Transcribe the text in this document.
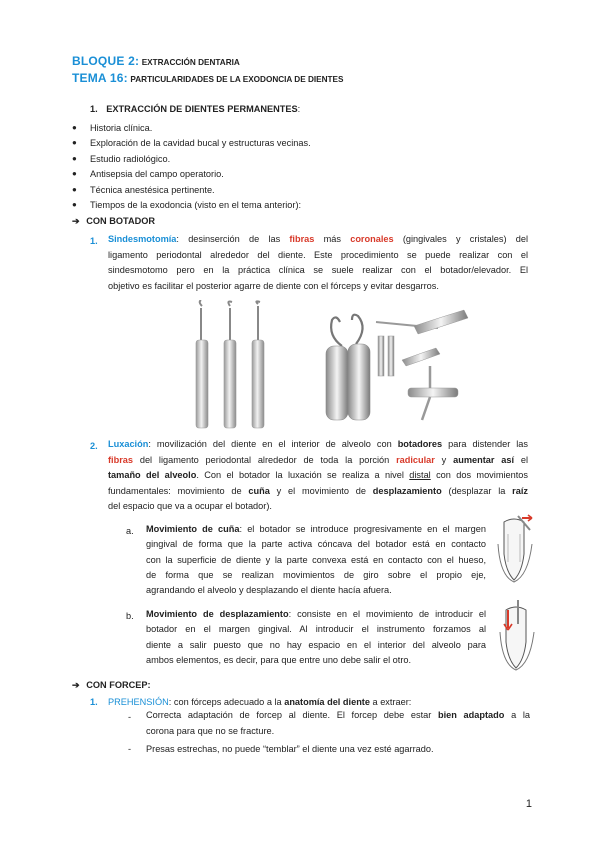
BLOQUE 2: EXTRACCIÓN DENTARIA
TEMA 16: PARTICULARIDADES DE LA EXODONCIA DE DIENTES
1. EXTRACCIÓN DE DIENTES PERMANENTES:
● Historia clínica.
● Exploración de la cavidad bucal y estructuras vecinas.
● Estudio radiológico.
● Antisepsia del campo operatorio.
● Técnica anestésica pertinente.
● Tiempos de la exodoncia (visto en el tema anterior):
➔ CON BOTADOR
1. Sindesmotomía: desinserción de las fibras más coronales (gingivales y cristales) del
ligamento periodontal alrededor del diente. Este procedimiento se puede realizar con el
sindesmotomo pero en la práctica clínica se suele realizar con el botador/elevador. El
objetivo es facilitar el posterior agarre de diente con el fórceps y evitar desgarros.
2. Luxación: movilización del diente en el interior de alveolo con botadores para distender las
fibras del ligamento periodontal alrededor de toda la porción radicular y aumentar así el
tamaño del alveolo. Con el botador la luxación se realiza a nivel distal con dos movimientos
fundamentales: movimiento de cuña y el movimiento de desplazamiento (desplazar la raíz
del espacio que va a ocupar el botador).
a. Movimiento de cuña: el botador se introduce progresivamente en el margen
gingival de forma que la parte activa cóncava del botador está en contacto
con la superficie de diente y la parte convexa está en contacto con el hueso,
de forma que se realizan movimientos de giro sobre el propio eje,
agrandando el alveolo y desplazando el diente hacía afuera.
b. Movimiento de desplazamiento: consiste en el movimiento de introducir el
botador en el margen gingival. Al introducir el instrumento forzamos al
diente a salir puesto que no hay espacio en el interior del alveolo para
ambos elementos, es decir, para que entre uno debe salir el otro.
➔ CON FORCEP:
1. PREHENSIÓN: con fórceps adecuado a la anatomía del diente a extraer:
- Correcta adaptación de forcep al diente. El forcep debe estar bien adaptado a la
corona para que no se fracture.
- Presas estrechas, no puede “temblar” el diente una vez esté agarrado.
1
